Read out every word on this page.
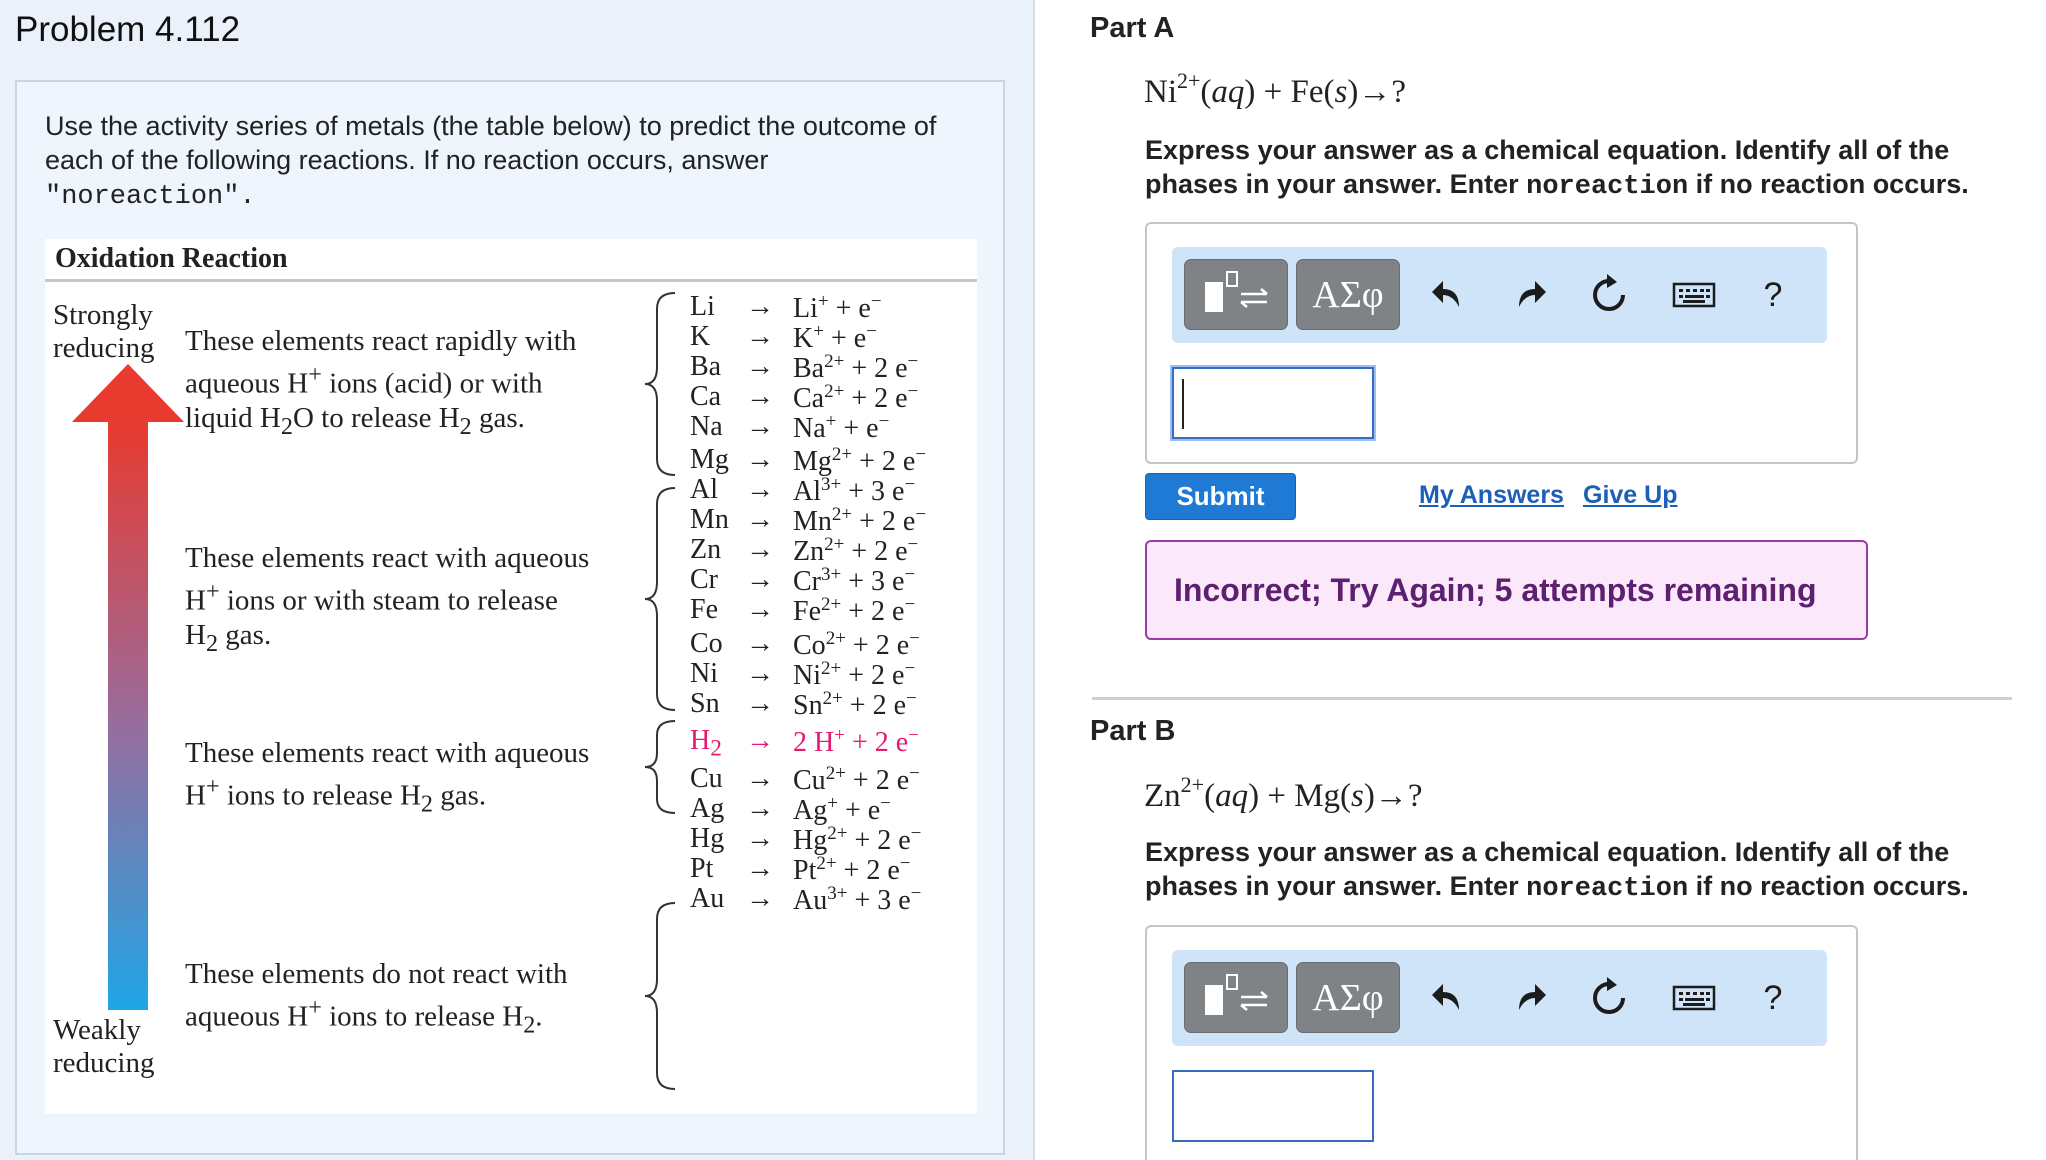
Problem 4.112
Use the activity series of metals (the table below) to predict the outcome of each of the following reactions. If no reaction occurs, answer
"noreaction".
Oxidation Reaction
Strongly
reducing
Weakly
reducing
These elements react rapidly with
aqueous H+ ions (acid) or with
liquid $H_2O$ to release $H_2$ gas.
These elements react with aqueous
H+ ions or with steam to release
$H_2$ gas.
These elements react with aqueous
H+ ions to release $H_2$ gas.
These elements do not react with
aqueous H+ ions to release $H_2$.
Li	→ Li+ + e−
K	→ K+ + e−
$Ba \to Ba^{2+} + 2$ e−
$Ca \to Ca^{2+} + 2$ e−
Na → Na+ + e−
$Mg \to Mg^{2+} + 2$ e−
Al	→ $Al^{3+} + 3$ e−
$Mn \to Mn^{2+} + 2$ e−
$Zn \to Zn^{2+} + 2$ e−
Cr	→ $Cr^{3+} + 3$ e−
Fe	→ $Fe^{2+} + 2$ e−
$Co \to Co^{2+} + 2$ e−
Ni	→ $Ni^{2+} + 2$ e−
$Sn \to Sn^{2+} + 2$ e−
$H_2 \to 2$ H+ + 2 e−
$Cu \to Cu^{2+} + 2$ e−
Ag → Ag+ + e−
$Hg \to Hg^{2+} + 2$ e−
Pt	→ $Pt^{2+} + 2$ e−
$Au \to Au^{3+} + 3$ e−
Part A
$Ni^{2+}(aq) + Fe(s)\to$?
Express your answer as a chemical equation. Identify all of the phases in your answer. Enter noreaction if no reaction occurs.
ΑΣφ	?
Submit	My Answers Give Up
Incorrect; Try Again; 5 attempts remaining
Part B
$Zn^{2+}(aq) + Mg(s)\to$?
Express your answer as a chemical equation. Identify all of the phases in your answer. Enter noreaction if no reaction occurs.
ΑΣφ	?
